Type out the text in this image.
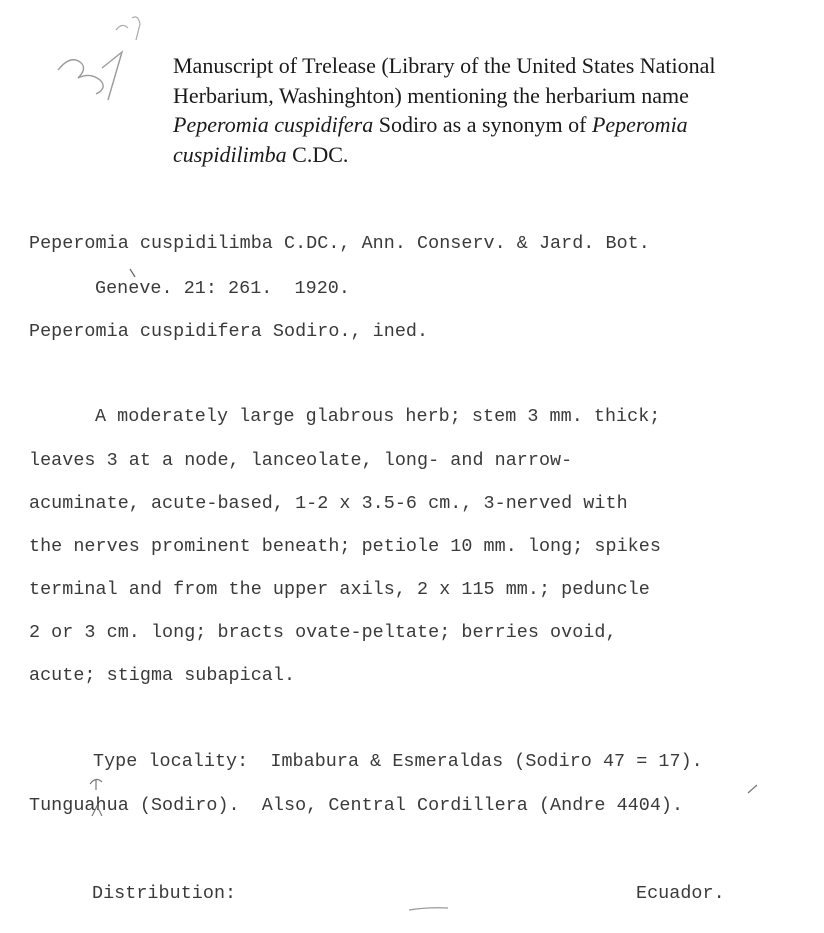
Manuscript of Trelease (Library of the United States National Herbarium, Washinghton) mentioning the herbarium name Peperomia cuspidifera Sodiro as a synonym of Peperomia cuspidilimba C.DC.
Peperomia cuspidilimba C.DC., Ann. Conserv. & Jard. Bot.
Geneve. 21: 261.  1920.
Peperomia cuspidifera Sodiro., ined.
A moderately large glabrous herb; stem 3 mm. thick;
leaves 3 at a node, lanceolate, long- and narrow-
acuminate, acute-based, 1-2 x 3.5-6 cm., 3-nerved with
the nerves prominent beneath; petiole 10 mm. long; spikes
terminal and from the upper axils, 2 x 115 mm.; peduncle
2 or 3 cm. long; bracts ovate-peltate; berries ovoid,
acute; stigma subapical.
Type locality:  Imbabura & Esmeraldas (Sodiro 47 = 17).
Tunguahua (Sodiro).  Also, Central Cordillera (Andre 4404).
Distribution:	Ecuador.
